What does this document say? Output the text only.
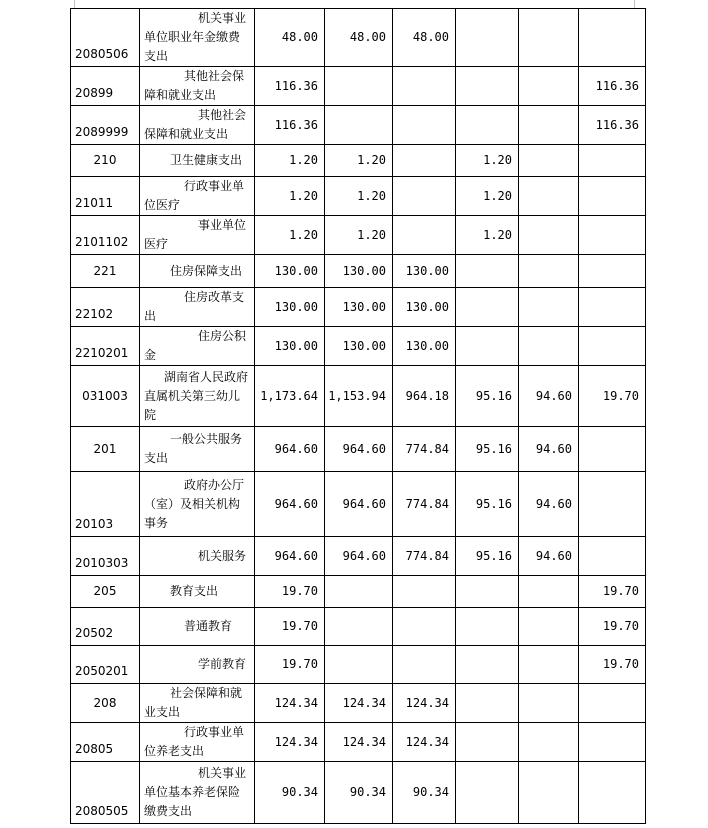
2080506	机关事业
单位职业年金缴费
支出	48.00	48.00	48.00			
20899	其他社会保
障和就业支出	116.36					116.36
2089999	其他社会
保障和就业支出	116.36					116.36
210	卫生健康支出	1.20	1.20		1.20		
21011	行政事业单
位医疗	1.20	1.20		1.20		
2101102	事业单位
医疗	1.20	1.20		1.20		
221	住房保障支出	130.00	130.00	130.00			
22102	住房改革支
出	130.00	130.00	130.00			
2210201	住房公积
金	130.00	130.00	130.00			
031003	湖南省人民政府
直属机关第三幼儿
院	1,173.64	1,153.94	964.18	95.16	94.60	19.70
201	一般公共服务
支出	964.60	964.60	774.84	95.16	94.60	
20103	政府办公厅
（室）及相关机构
事务	964.60	964.60	774.84	95.16	94.60	
2010303	机关服务	964.60	964.60	774.84	95.16	94.60	
205	教育支出	19.70					19.70
20502	普通教育	19.70					19.70
2050201	学前教育	19.70					19.70
208	社会保障和就
业支出	124.34	124.34	124.34			
20805	行政事业单
位养老支出	124.34	124.34	124.34			
2080505	机关事业
单位基本养老保险
缴费支出	90.34	90.34	90.34			
